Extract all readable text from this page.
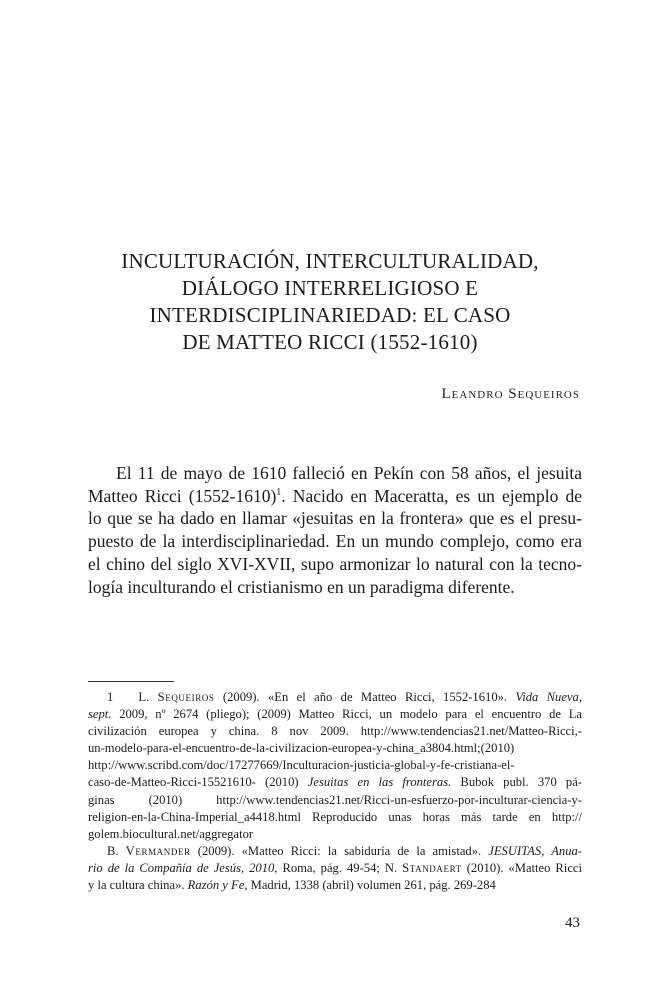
INCULTURACIÓN, INTERCULTURALIDAD,
DIÁLOGO INTERRELIGIOSO E
INTERDISCIPLINARIEDAD: EL CASO
DE MATTEO RICCI (1552-1610)
Leandro Sequeiros
El 11 de mayo de 1610 falleció en Pekín con 58 años, el jesuita
Matteo Ricci (1552-1610)$^1$. Nacido en Maceratta, es un ejemplo de
lo que se ha dado en llamar «jesuitas en la frontera» que es el presu-
puesto de la interdisciplinariedad. En un mundo complejo, como era
el chino del siglo XVI-XVII, supo armonizar lo natural con la tecno-
logía inculturando el cristianismo en un paradigma diferente.
1 L. Sequeiros (2009). «En el año de Matteo Ricci, 1552-1610». Vida Nueva,
sept. 2009, nº 2674 (pliego); (2009) Matteo Ricci, un modelo para el encuentro de La
civilización europea y china. 8 nov 2009. http://www.tendencias21.net/Matteo-Ricci,-
un-modelo-para-el-encuentro-de-la-civilizacion-europea-y-china_a3804.html;(2010)
http://www.scribd.com/doc/17277669/Inculturacion-justicia-global-y-fe-cristiana-el-
caso-de-Matteo-Ricci-15521610- (2010) Jesuitas en las fronteras. Bubok publ. 370 pá-
ginas (2010) http://www.tendencias21.net/Ricci-un-esfuerzo-por-inculturar-ciencia-y-
religion-en-la-China-Imperial_a4418.html Reproducido unas horas más tarde en http://
golem.biocultural.net/aggregator
B. Vermander (2009). «Matteo Ricci: la sabiduría de la amistad». JESUITAS, Anua-
rio de la Compañía de Jesús, 2010, Roma, pág. 49-54; N. Standaert (2010). «Matteo Ricci
y la cultura china». Razón y Fe, Madrid, 1338 (abril) volumen 261, pág. 269-284
43
